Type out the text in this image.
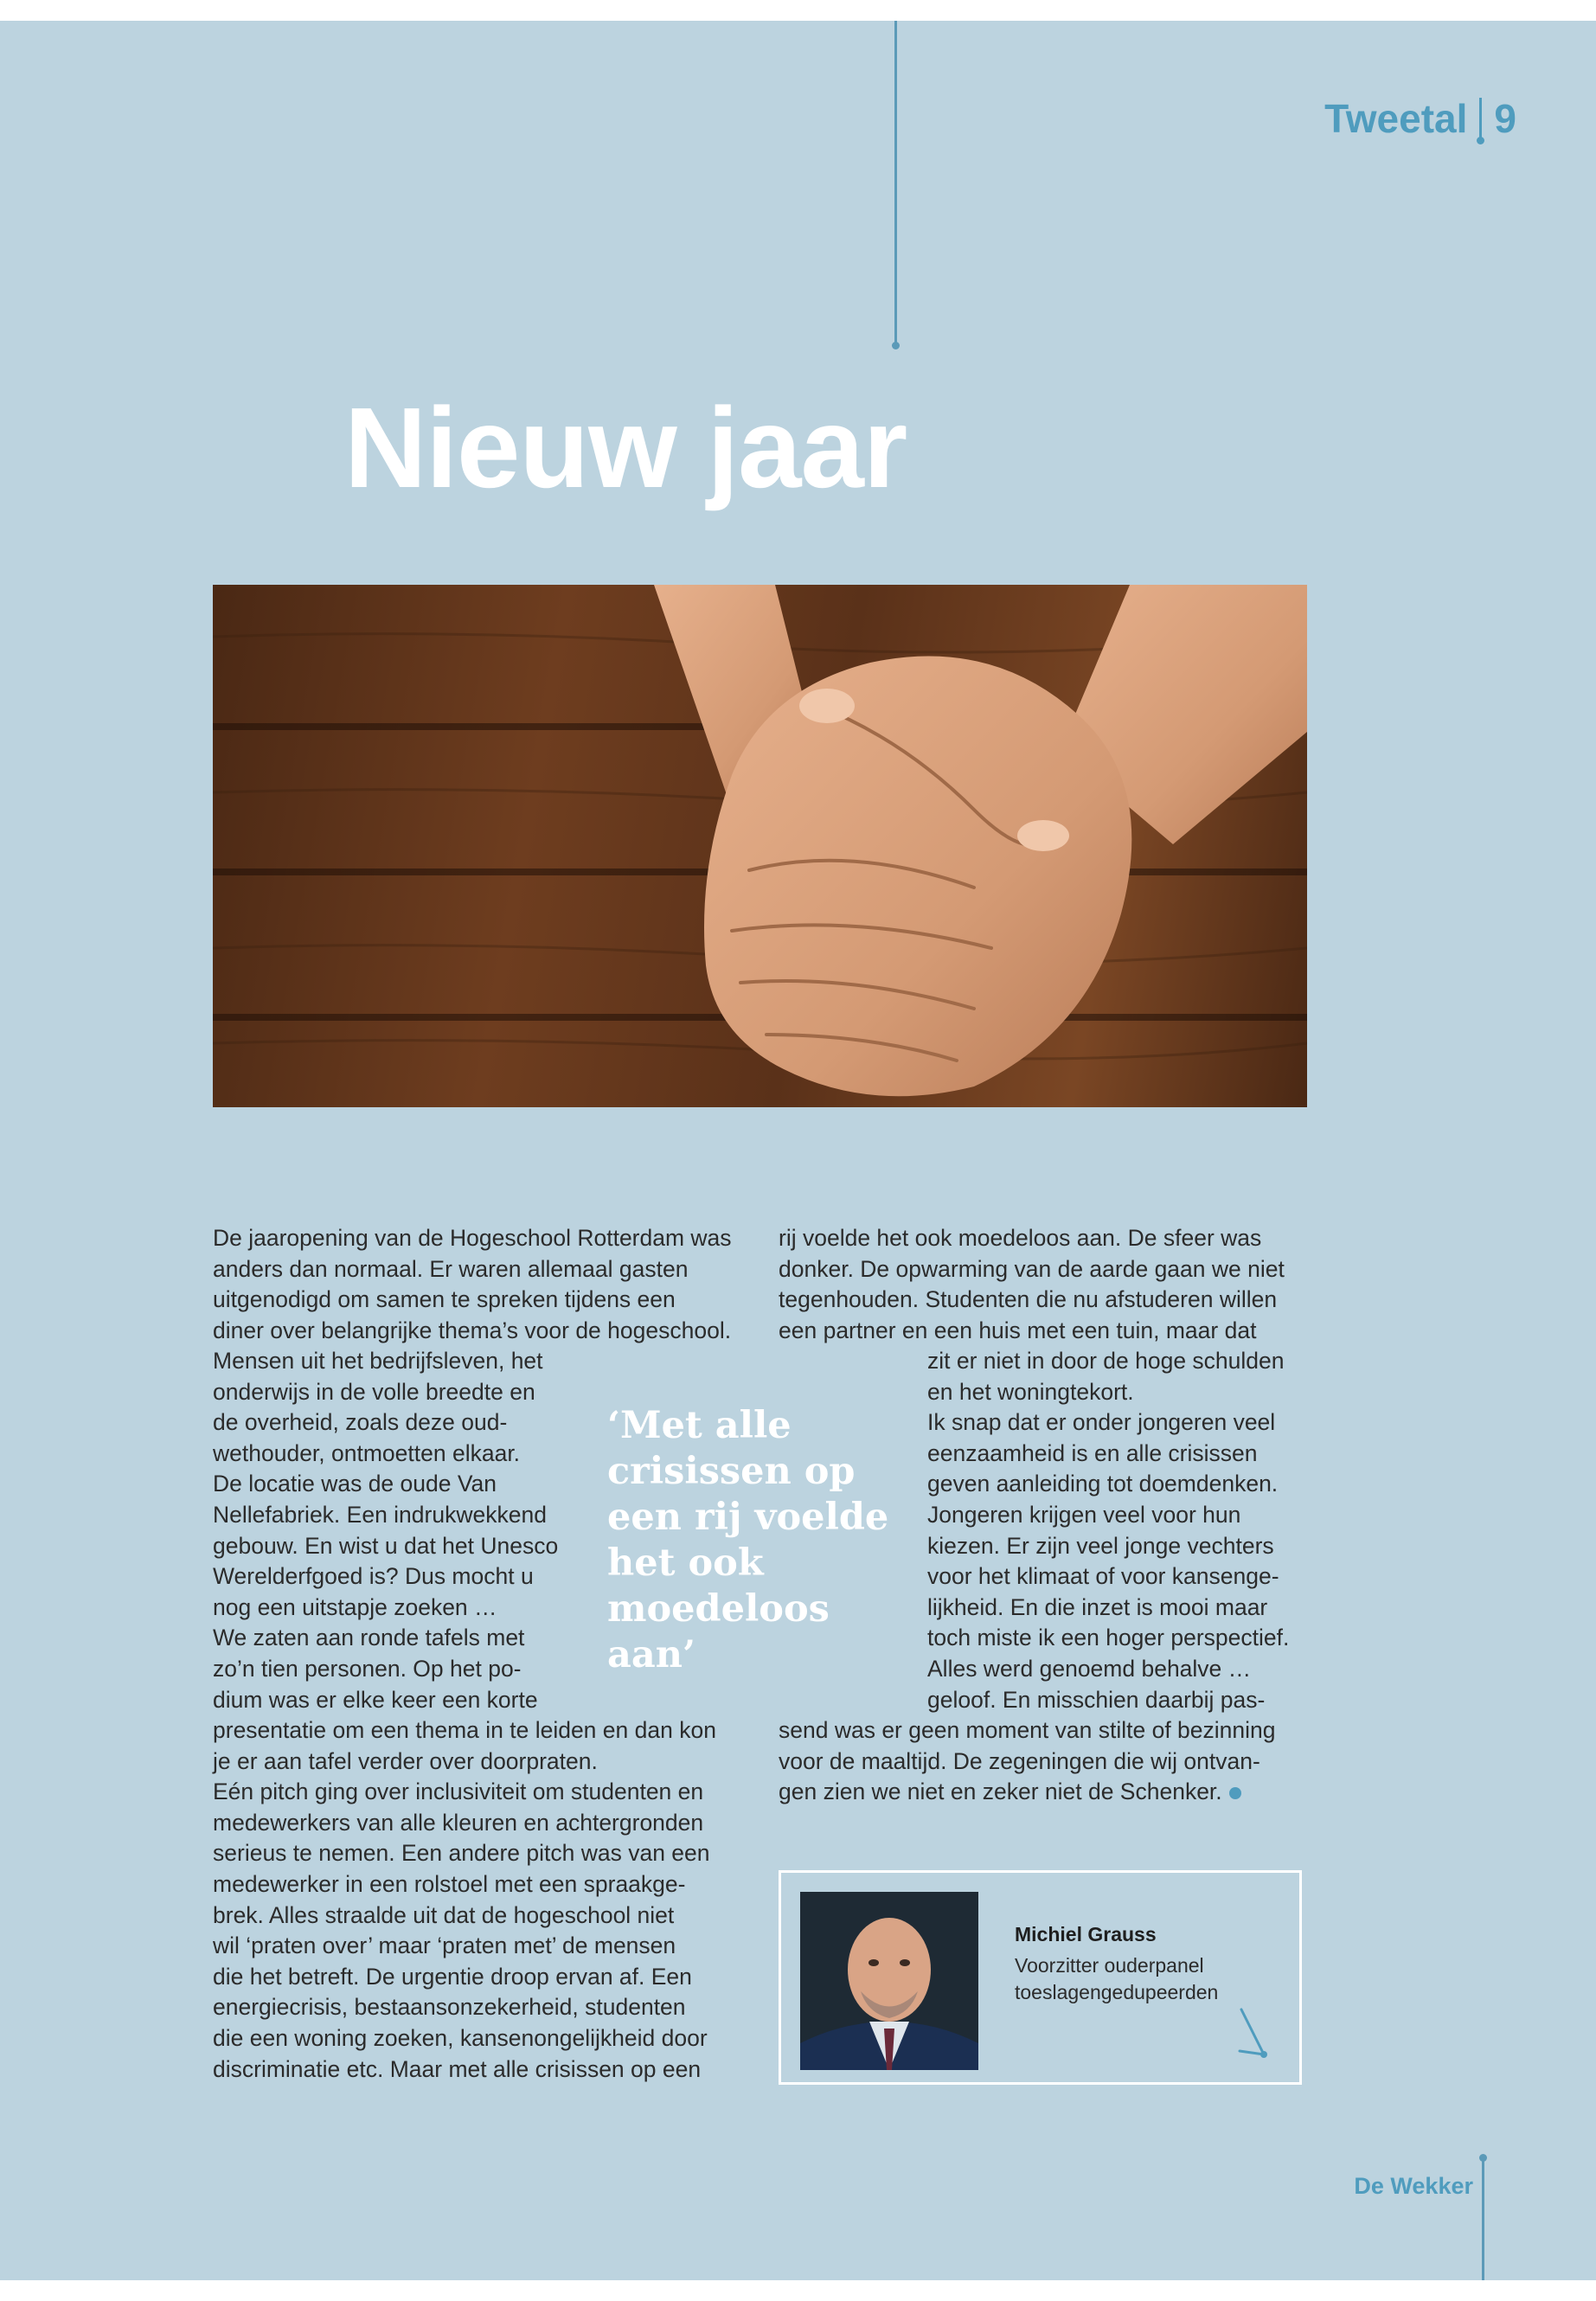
Tweetal 9
Nieuw jaar

De jaaropening van de Hogeschool Rotterdam was
anders dan normaal. Er waren allemaal gasten
uitgenodigd om samen te spreken tijdens een
diner over belangrijke thema’s voor de hogeschool.

Mensen uit het bedrijfsleven, het
onderwijs in de volle breedte en
de overheid, zoals deze oud-
wethouder, ontmoetten elkaar.
De locatie was de oude Van
Nellefabriek. Een indrukwekkend
gebouw. En wist u dat het Unesco
Werelderfgoed is? Dus mocht u
nog een uitstapje zoeken …
We zaten aan ronde tafels met
zo’n tien personen. Op het po-
dium was er elke keer een korte

presentatie om een thema in te leiden en dan kon
je er aan tafel verder over doorpraten.
Eén pitch ging over inclusiviteit om studenten en
medewerkers van alle kleuren en achtergronden
serieus te nemen. Een andere pitch was van een
medewerker in een rolstoel met een spraakge-
brek. Alles straalde uit dat de hogeschool niet
wil ‘praten over’ maar ‘praten met’ de mensen
die het betreft. De urgentie droop ervan af. Een
energiecrisis, bestaansonzekerheid, studenten
die een woning zoeken, kansenongelijkheid door
discriminatie etc. Maar met alle crisissen op een

‘Met alle crisissen op een rij voelde het ook moedeloos aan’

rij voelde het ook moedeloos aan. De sfeer was
donker. De opwarming van de aarde gaan we niet
tegenhouden. Studenten die nu afstuderen willen
een partner en een huis met een tuin, maar dat

zit er niet in door de hoge schulden
en het woningtekort.
Ik snap dat er onder jongeren veel
eenzaamheid is en alle crisissen
geven aanleiding tot doemdenken.
Jongeren krijgen veel voor hun
kiezen. Er zijn veel jonge vechters
voor het klimaat of voor kansenge-
lijkheid. En die inzet is mooi maar
toch miste ik een hoger perspectief.
Alles werd genoemd behalve …
geloof. En misschien daarbij pas-

send was er geen moment van stilte of bezinning
voor de maaltijd. De zegeningen die wij ontvan-
gen zien we niet en zeker niet de Schenker.

Michiel Grauss
Voorzitter ouderpanel toeslagengedupeerden
De Wekker
